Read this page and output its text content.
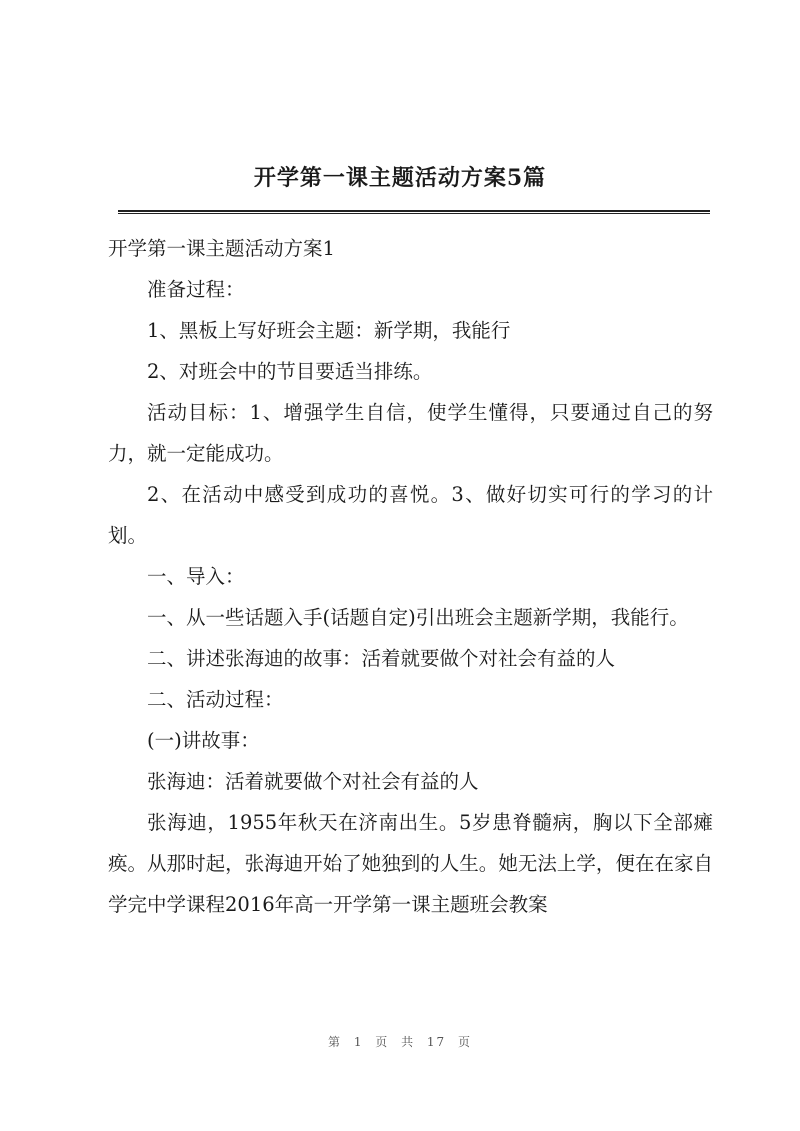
开学第一课主题活动方案5篇

开学第一课主题活动方案1

准备过程：

1、黑板上写好班会主题：新学期，我能行

2、对班会中的节目要适当排练。

活动目标：1、增强学生自信，使学生懂得，只要通过自己的努力，就一定能成功。

2、在活动中感受到成功的喜悦。3、做好切实可行的学习的计划。

一、导入：

一、从一些话题入手(话题自定)引出班会主题新学期，我能行。

二、讲述张海迪的故事：活着就要做个对社会有益的人

二、活动过程：

(一)讲故事：

张海迪：活着就要做个对社会有益的人

张海迪，1955年秋天在济南出生。5岁患脊髓病，胸以下全部瘫痪。从那时起，张海迪开始了她独到的人生。她无法上学，便在在家自学完中学课程2016年高一开学第一课主题班会教案

第 1 页 共 17 页
